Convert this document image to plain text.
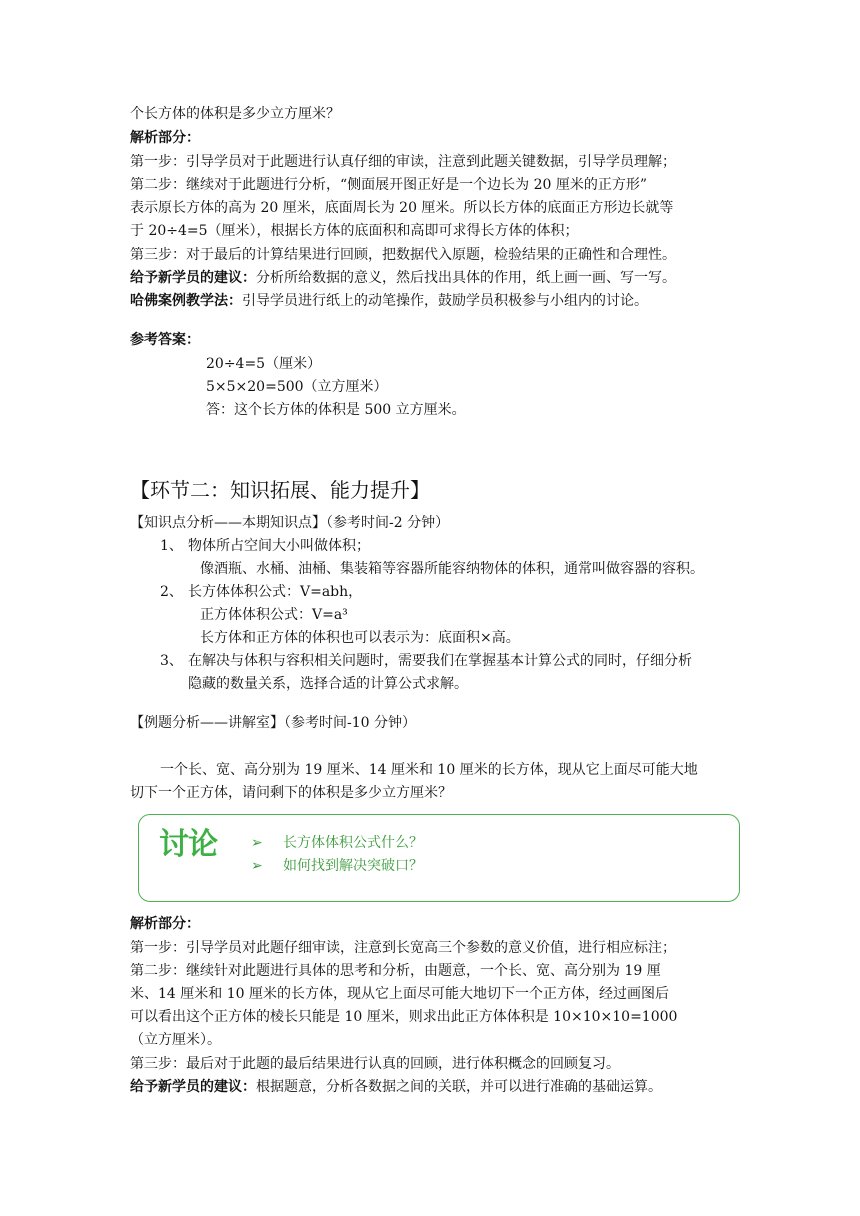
个长方体的体积是多少立方厘米？
解析部分：
第一步：引导学员对于此题进行认真仔细的审读，注意到此题关键数据，引导学员理解；
第二步：继续对于此题进行分析，“侧面展开图正好是一个边长为 20 厘米的正方形”
表示原长方体的高为 20 厘米，底面周长为 20 厘米。所以长方体的底面正方形边长就等
于 20÷4=5（厘米），根据长方体的底面积和高即可求得长方体的体积；
第三步：对于最后的计算结果进行回顾，把数据代入原题，检验结果的正确性和合理性。
给予新学员的建议：分析所给数据的意义，然后找出具体的作用，纸上画一画、写一写。
哈佛案例教学法：引导学员进行纸上的动笔操作，鼓励学员积极参与小组内的讨论。
参考答案：
20÷4=5（厘米）
5×5×20=500（立方厘米）
答：这个长方体的体积是 500 立方厘米。
【环节二：知识拓展、能力提升】
【知识点分析——本期知识点】（参考时间-2 分钟）
1、 物体所占空间大小叫做体积；
像酒瓶、水桶、油桶、集装箱等容器所能容纳物体的体积，通常叫做容器的容积。
2、 长方体体积公式：V=abh，
正方体体积公式：V=a³
长方体和正方体的体积也可以表示为：底面积×高。
3、 在解决与体积与容积相关问题时，需要我们在掌握基本计算公式的同时，仔细分析
隐藏的数量关系，选择合适的计算公式求解。
【例题分析——讲解室】（参考时间-10 分钟）
一个长、宽、高分别为 19 厘米、14 厘米和 10 厘米的长方体，现从它上面尽可能大地
切下一个正方体，请问剩下的体积是多少立方厘米？
讨论 ➢ 长方体体积公式什么？
➢ 如何找到解决突破口？
解析部分：
第一步：引导学员对此题仔细审读，注意到长宽高三个参数的意义价值，进行相应标注；
第二步：继续针对此题进行具体的思考和分析，由题意，一个长、宽、高分别为 19 厘
米、14 厘米和 10 厘米的长方体，现从它上面尽可能大地切下一个正方体，经过画图后
可以看出这个正方体的棱长只能是 10 厘米，则求出此正方体体积是 10×10×10=1000
（立方厘米）。
第三步：最后对于此题的最后结果进行认真的回顾，进行体积概念的回顾复习。
给予新学员的建议：根据题意，分析各数据之间的关联，并可以进行准确的基础运算。
